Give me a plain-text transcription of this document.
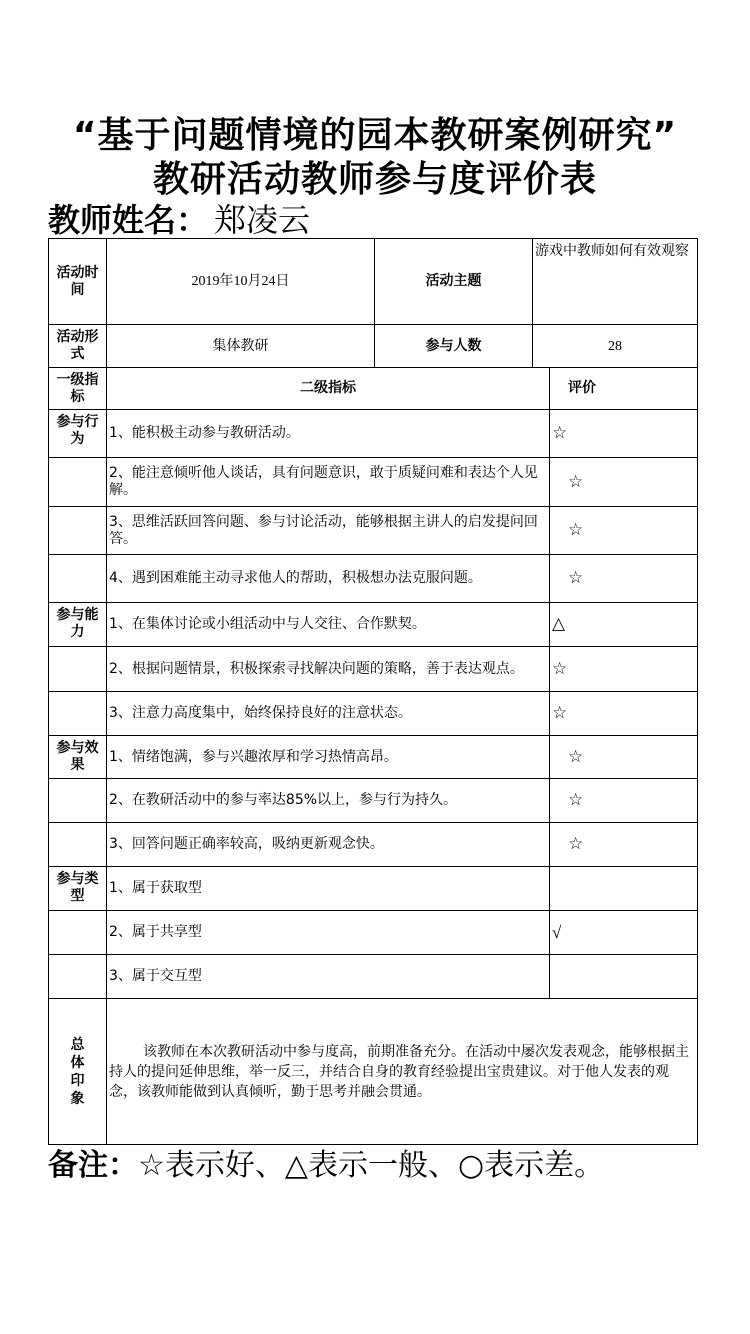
“基于问题情境的园本教研案例研究”
教研活动教师参与度评价表
教师姓名： 郑凌云
活动时间	2019年10月24日	活动主题	游戏中教师如何有效观察	
活动形式	集体教研	参与人数	28	
一级指标	二级指标			评价
参与行为	1、能积极主动参与教研活动。			☆
	2、能注意倾听他人谈话，具有问题意识，敢于质疑问难和表达个人见解。			☆
	3、思维活跃回答问题、参与讨论活动，能够根据主讲人的启发提问回答。			☆
	4、遇到困难能主动寻求他人的帮助，积极想办法克服问题。			☆
参与能力	1、在集体讨论或小组活动中与人交往、合作默契。			△
	2、根据问题情景，积极探索寻找解决问题的策略，善于表达观点。			☆
	3、注意力高度集中，始终保持良好的注意状态。			☆
参与效果	1、情绪饱满，参与兴趣浓厚和学习热情高昂。			☆
	2、在教研活动中的参与率达85%以上，参与行为持久。			☆
	3、回答问题正确率较高，吸纳更新观念快。			☆
参与类型	1、属于获取型			
	2、属于共享型			√
	3、属于交互型			

总体印象	该教师在本次教研活动中参与度高，前期准备充分。在活动中屡次发表观念，能够根据主持人的提问延伸思维，举一反三，并结合自身的教育经验提出宝贵建议。对于他人发表的观念，该教师能做到认真倾听，勤于思考并融会贯通。			
备注：☆表示好、△表示一般、○表示差。
